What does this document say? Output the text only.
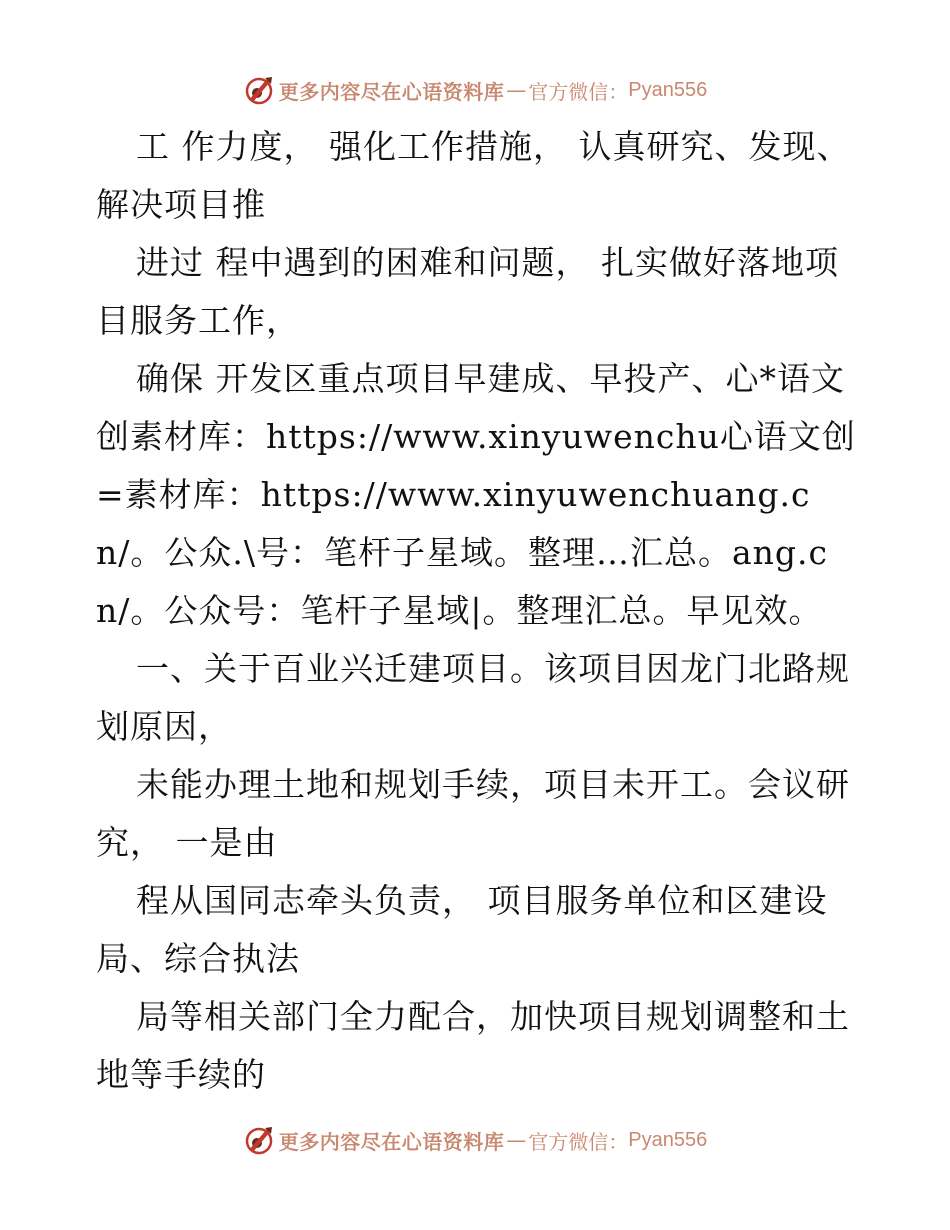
更多内容尽在心语资料库 — 官方微信： Pyan556

工 作力度， 强化工作措施， 认真研究、发现、解决项目推

进过 程中遇到的困难和问题， 扎实做好落地项目服务工作，

确保 开发区重点项目早建成、早投产、心*语文创素材库：https://www.xinyuwenchu心语文创=素材库：https://www.xinyuwenchuang.cn/。公众.\号：笔杆子星域。整理…汇总。ang.cn/。公众号：笔杆子星域|。整理汇总。早见效。

一、关于百业兴迁建项目。该项目因龙门北路规划原因，

未能办理土地和规划手续，项目未开工。会议研究， 一是由

程从国同志牵头负责， 项目服务单位和区建设局、综合执法

局等相关部门全力配合，加快项目规划调整和土地等手续的

更多内容尽在心语资料库 — 官方微信： Pyan556
